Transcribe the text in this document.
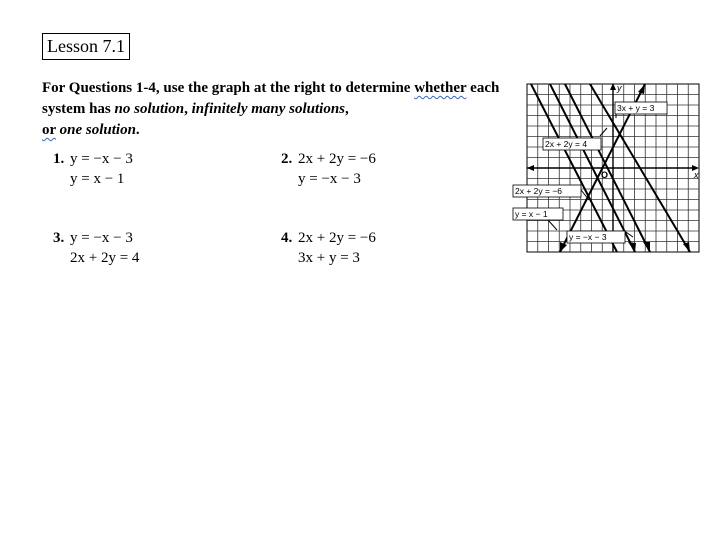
Lesson 7.1
For Questions 1-4, use the graph at the right to determine whether each system has no solution, infinitely many solutions,
or one solution.
1. y = −x − 3
y = x − 1
2. 2x + 2y = −6
y = −x − 3
3. y = −x − 3
2x + 2y = 4
4. 2x + 2y = −6
3x + y = 3
y
x
O
3x + y = 3
2x + 2y = 4
2x + 2y = −6
y = x − 1
y = −x − 3
